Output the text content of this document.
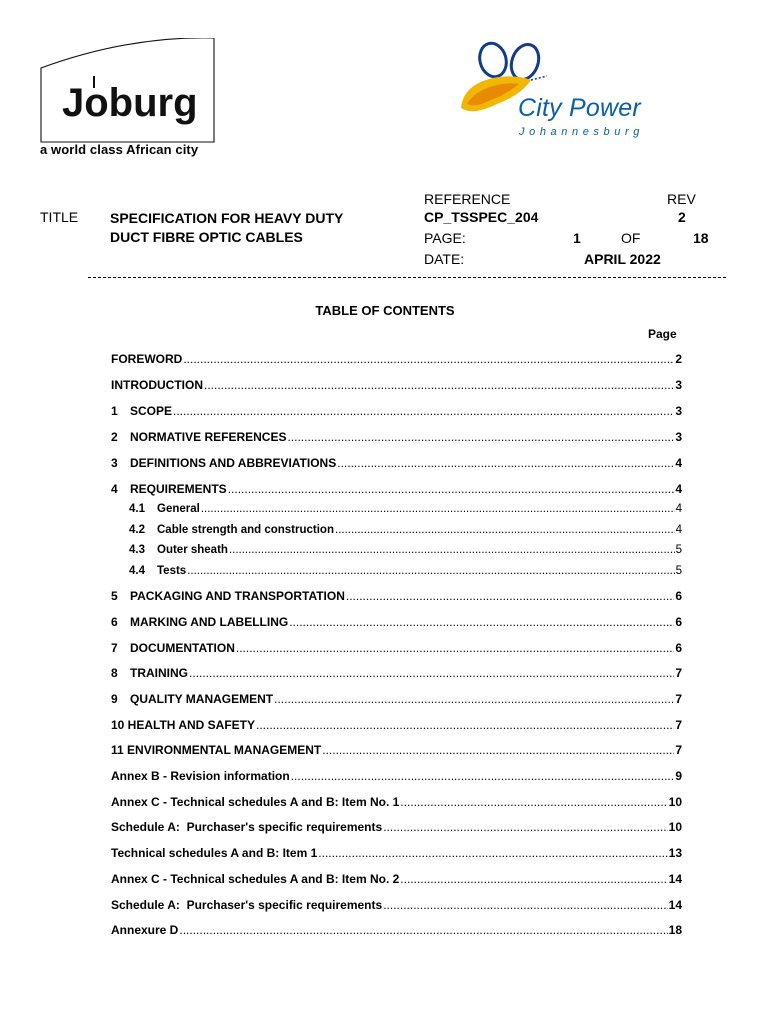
Joburg
a world class African city
City Power
Johannesburg
TITLE SPECIFICATION FOR HEAVY DUTY
DUCT FIBRE OPTIC CABLES
REFERENCE
CP_TSSPEC_204
REV
2
PAGE:	1	OF	18
DATE:	APRIL 2022
TABLE OF CONTENTS
Page
FOREWORD .....	2
INTRODUCTION .....	3
1	SCOPE .....	3
2	NORMATIVE REFERENCES .....	3
3	DEFINITIONS AND ABBREVIATIONS .....	4
4	REQUIREMENTS .....	4
4.1	General .....	4
4.2	Cable strength and construction .....	4
4.3	Outer sheath .....	5
4.4	Tests .....	5
5	PACKAGING AND TRANSPORTATION .....	6
6	MARKING AND LABELLING .....	6
7	DOCUMENTATION .....	6
8	TRAINING .....	7
9	QUALITY MANAGEMENT .....	7
10 HEALTH AND SAFETY .....	7
11 ENVIRONMENTAL MANAGEMENT .....	7
Annex B - Revision information .....	9
Annex C - Technical schedules A and B: Item No. 1 .....	10
Schedule A:  Purchaser's specific requirements .....	10
Technical schedules A and B: Item 1 .....	13
Annex C - Technical schedules A and B: Item No. 2 .....	14
Schedule A:  Purchaser's specific requirements .....	14
Annexure D .....	18
